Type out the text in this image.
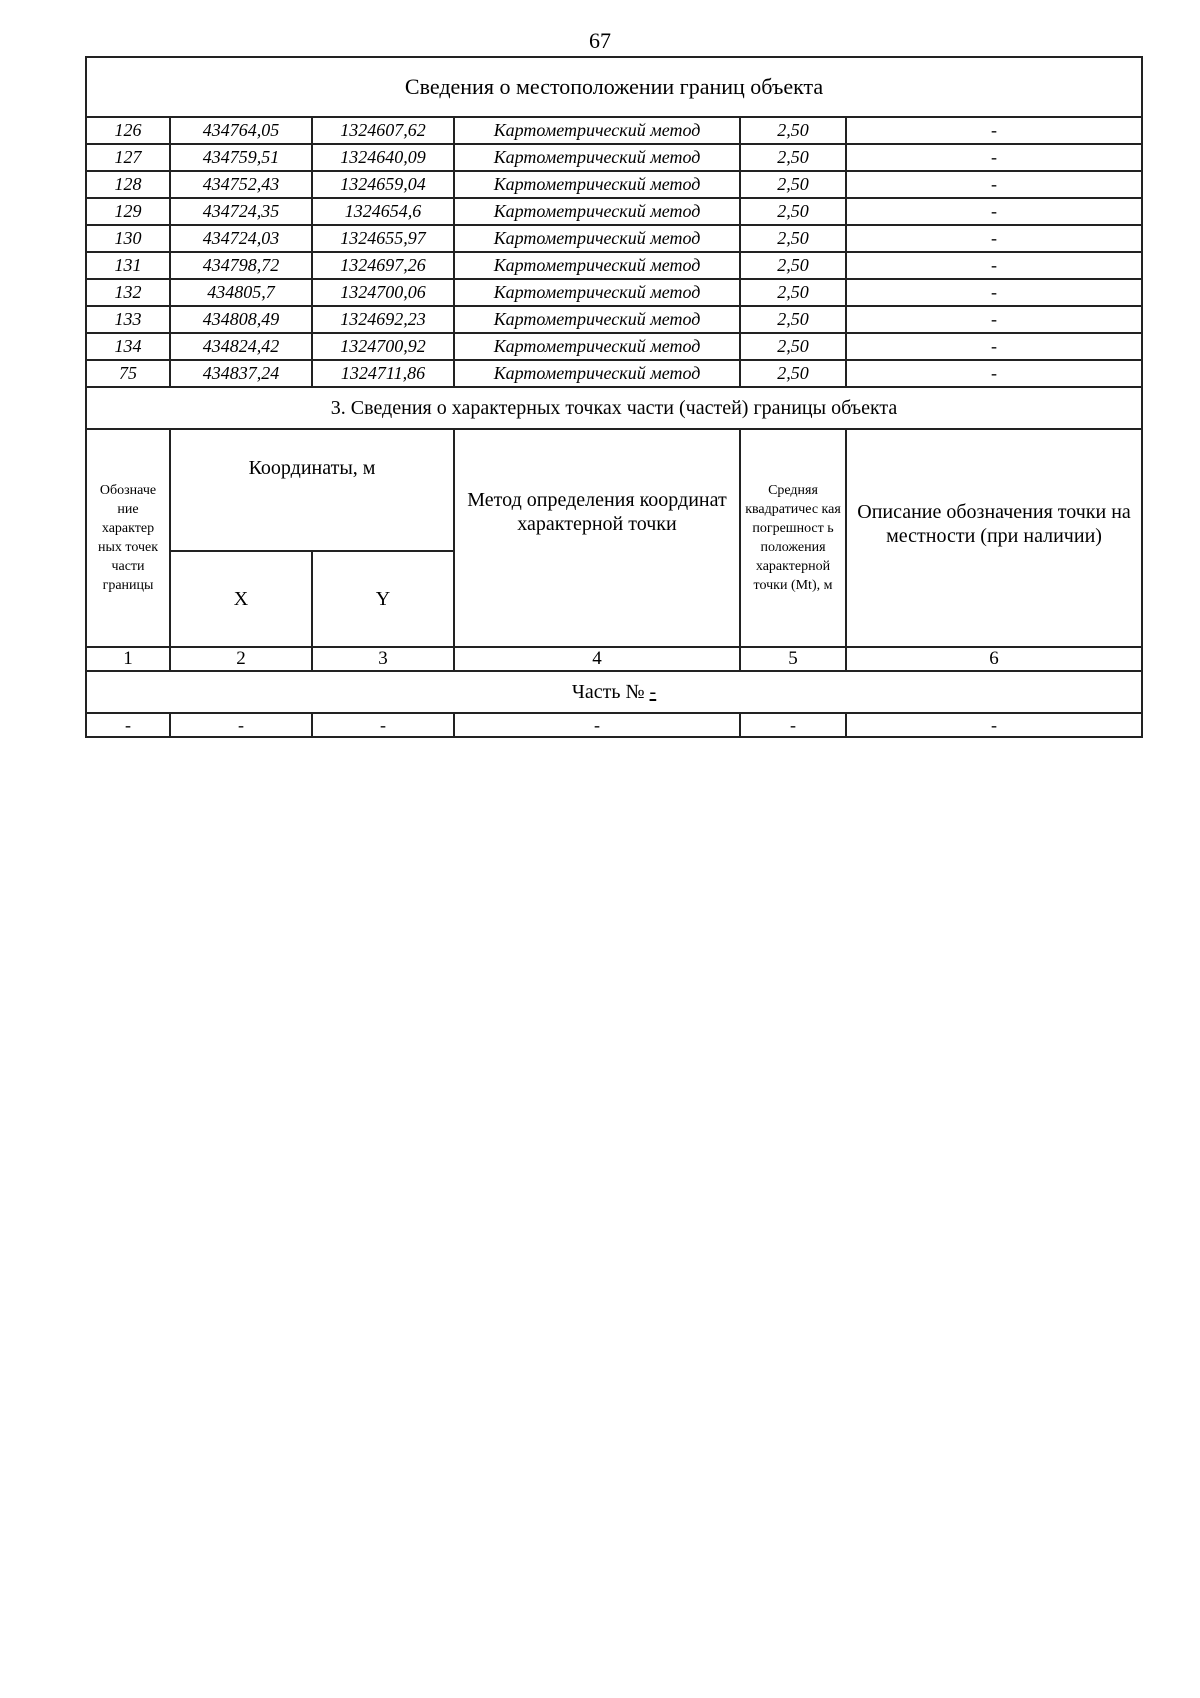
67
Сведения о местоположении границ объекта					
126	434764,05	1324607,62	Картометрический метод	2,50	-
127	434759,51	1324640,09	Картометрический метод	2,50	-
128	434752,43	1324659,04	Картометрический метод	2,50	-
129	434724,35	1324654,6	Картометрический метод	2,50	-
130	434724,03	1324655,97	Картометрический метод	2,50	-
131	434798,72	1324697,26	Картометрический метод	2,50	-
132	434805,7	1324700,06	Картометрический метод	2,50	-
133	434808,49	1324692,23	Картометрический метод	2,50	-
134	434824,42	1324700,92	Картометрический метод	2,50	-
75	434837,24	1324711,86	Картометрический метод	2,50	-
3. Сведения о характерных точках части (частей) границы объекта					
Обозначе ние характер ных точек части границы	Координаты, м		Метод определения координат характерной точки	Средняя квадратичес кая погрешност ь положения характерной точки (Mt), м	Описание обозначения точки на местности (при наличии)
	X	Y			
1	2	3	4	5	6
Часть № -					
-	-	-	-	-	-
